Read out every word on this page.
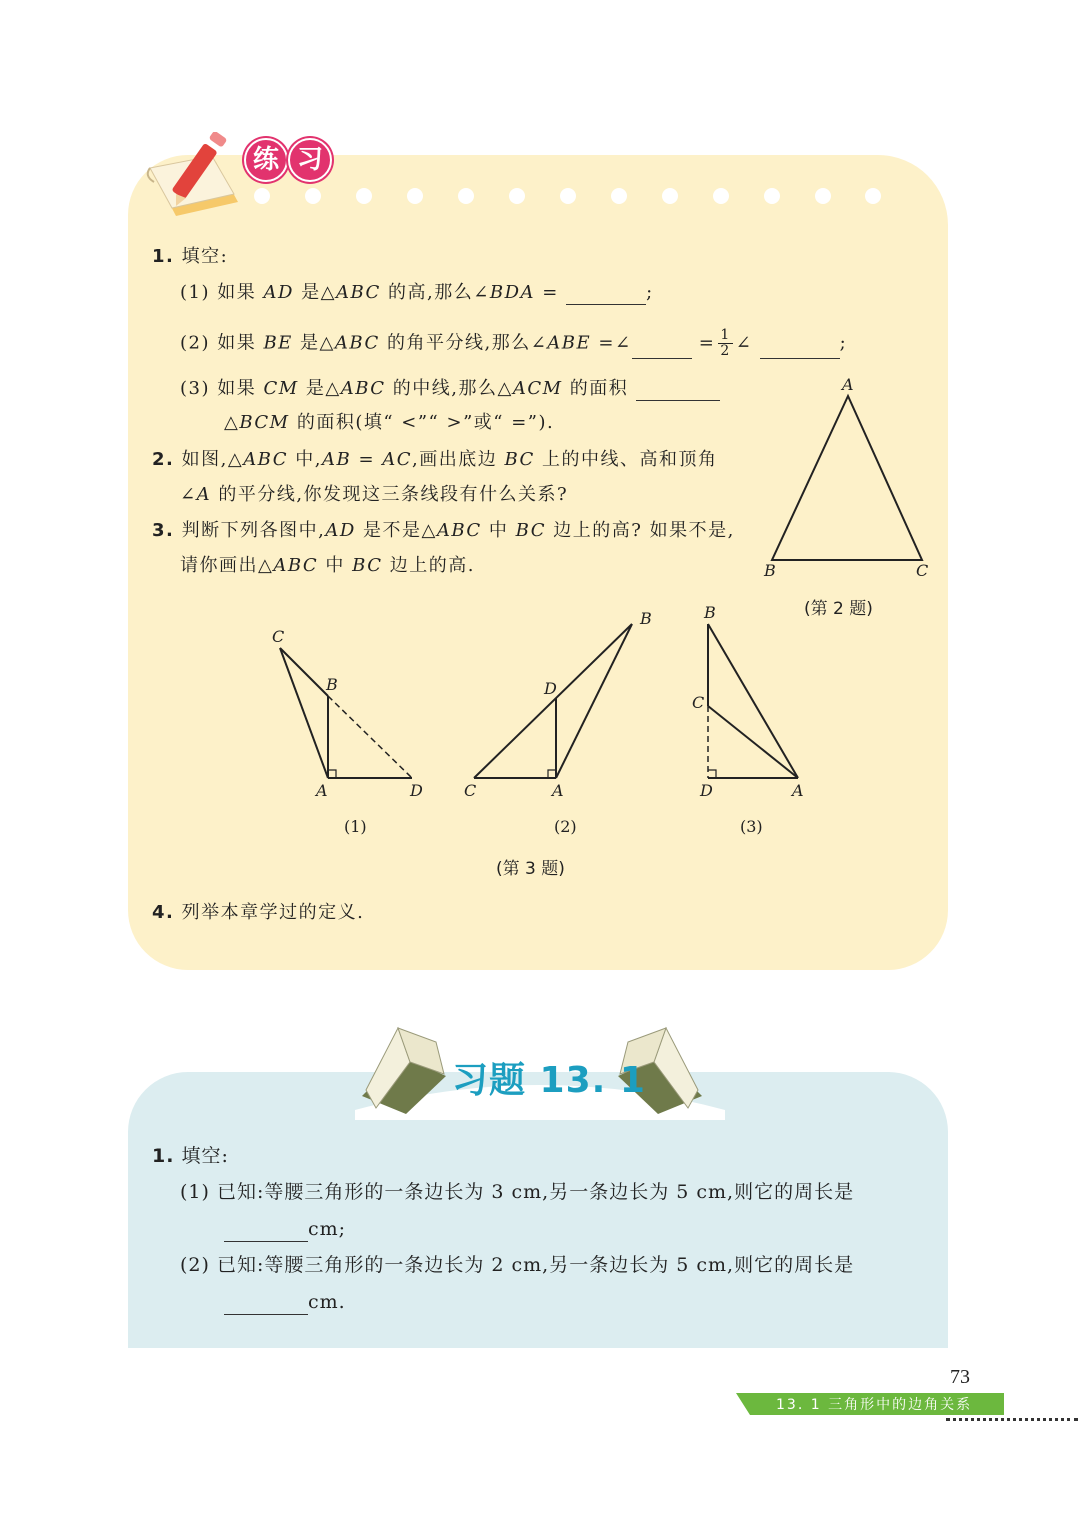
练 习
1. 填空:
(1) 如果 AD 是△ABC 的高,那么∠BDA =	;
(2) 如果 BE 是△ABC 的角平分线,那么∠ABE =∠	= $\frac{1}{2}$ ∠	;
(3) 如果 CM 是△ABC 的中线,那么△ACM 的面积
△BCM 的面积(填“ <”“ >”或“ =”).
2. 如图,△ABC 中,AB = AC,画出底边 BC 上的中线、高和顶角
∠A 的平分线,你发现这三条线段有什么关系?
3. 判断下列各图中,AD 是不是△ABC 中 BC 边上的高? 如果不是,
请你画出△ABC 中 BC 边上的高.
A
B	C
(第 2 题)
C
B
A	D
(1)
B
D
C	A
(2)
B
C
D	A
(3)
(第 3 题)
4. 列举本章学过的定义.
习题 13. 1
1. 填空:
(1) 已知:等腰三角形的一条边长为 3 cm,另一条边长为 5 cm,则它的周长是
cm;
(2) 已知:等腰三角形的一条边长为 2 cm,另一条边长为 5 cm,则它的周长是
cm.
73
13. 1 三角形中的边角关系
